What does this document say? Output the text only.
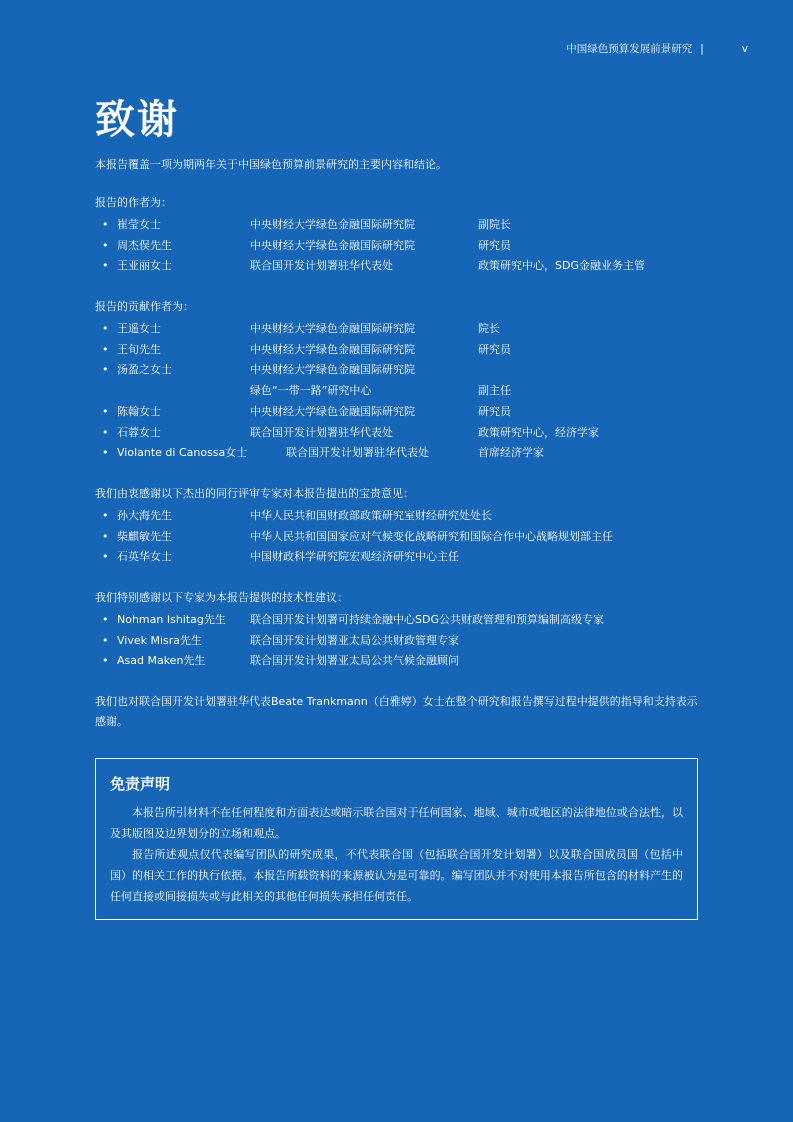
中国绿色预算发展前景研究 |	v
致谢

本报告覆盖一项为期两年关于中国绿色预算前景研究的主要内容和结论。

报告的作者为：

• 崔莹女士	中央财经大学绿色金融国际研究院	副院长
• 周杰俣先生	中央财经大学绿色金融国际研究院	研究员
• 王亚丽女士	联合国开发计划署驻华代表处	政策研究中心，SDG金融业务主管

报告的贡献作者为：

• 王遥女士	中央财经大学绿色金融国际研究院	院长
• 王旬先生	中央财经大学绿色金融国际研究院	研究员
• 汤盈之女士	中央财经大学绿色金融国际研究院
绿色“一带一路”研究中心	副主任
• 陈翰女士	中央财经大学绿色金融国际研究院	研究员
• 石蓉女士	联合国开发计划署驻华代表处	政策研究中心，经济学家
• Violante di Canossa女士	联合国开发计划署驻华代表处	首席经济学家

我们由衷感谢以下杰出的同行评审专家对本报告提出的宝贵意见：

• 孙大海先生	中华人民共和国财政部政策研究室财经研究处处长
• 柴麒敏先生	中华人民共和国国家应对气候变化战略研究和国际合作中心战略规划部主任
• 石英华女士	中国财政科学研究院宏观经济研究中心主任

我们特别感谢以下专家为本报告提供的技术性建议：

• Nohman Ishitag先生 联合国开发计划署可持续金融中心SDG公共财政管理和预算编制高级专家
• Vivek Misra先生	联合国开发计划署亚太局公共财政管理专家
• Asad Maken先生	联合国开发计划署亚太局公共气候金融顾问

我们也对联合国开发计划署驻华代表Beate Trankmann（白雅婷）女士在整个研究和报告撰写过程中提供的指导和支持表示感谢。

免责声明

本报告所引材料不在任何程度和方面表达或暗示联合国对于任何国家、地域、城市或地区的法律地位或合法性，以及其版图及边界划分的立场和观点。

报告所述观点仅代表编写团队的研究成果，不代表联合国（包括联合国开发计划署）以及联合国成员国（包括中国）的相关工作的执行依据。本报告所载资料的来源被认为是可靠的。编写团队并不对使用本报告所包含的材料产生的任何直接或间接损失或与此相关的其他任何损失承担任何责任。
